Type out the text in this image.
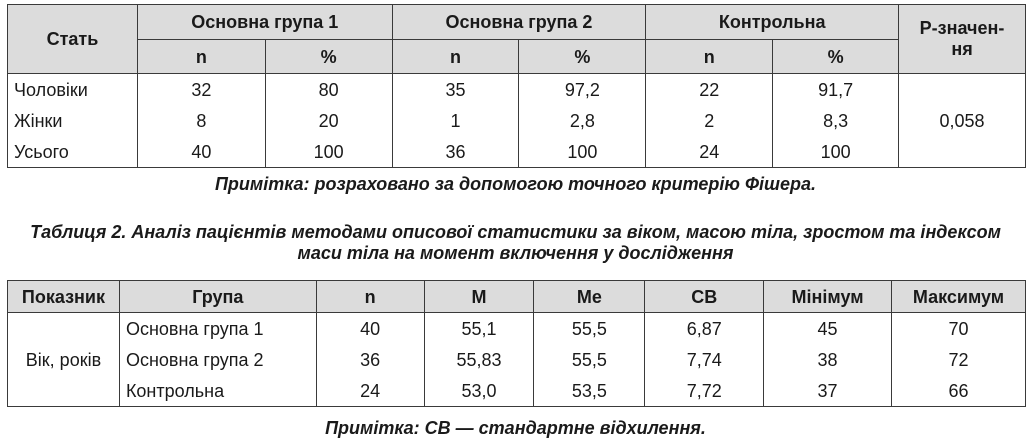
Стать	Основна група 1		Основна група 2		Контрольна		Р-значен-
ня
	n	%	n	%	n	%	
Чоловіки	32	80	35	97,2	22	91,7	0,058
Жінки	8	20	1	2,8	2	8,3	
Усього	40	100	36	100	24	100	
Примітка: розраховано за допомогою точного критерію Фішера.
Таблиця 2. Аналіз пацієнтів методами описової статистики за віком, масою тіла, зростом та індексом маси тіла на момент включення у дослідження
Показник	Група	n	M	Me	СВ	Мінімум	Максимум
Вік, років	Основна група 1	40	55,1	55,5	6,87	45	70
	Основна група 2	36	55,83	55,5	7,74	38	72
	Контрольна	24	53,0	53,5	7,72	37	66
Примітка: СВ — стандартне відхилення.
